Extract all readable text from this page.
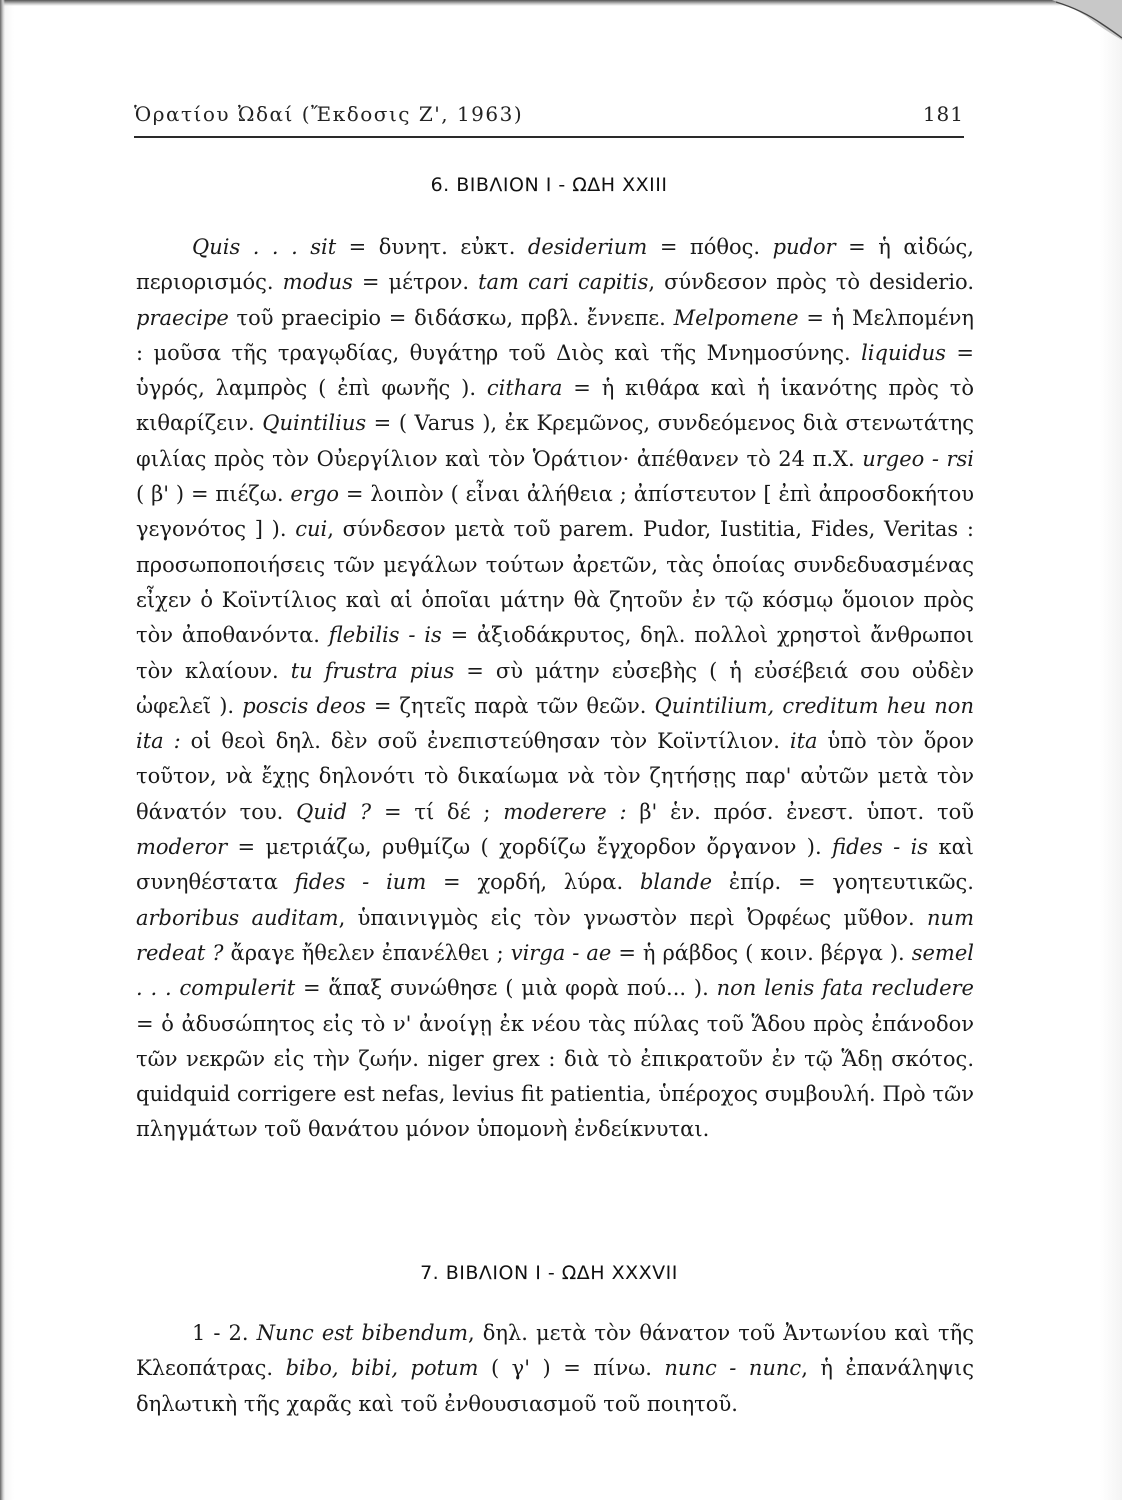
Ὁρατίου Ὠδαί (Ἔκδοσις Ζ', 1963)	181
6. ΒΙΒΛΙΟΝ Ι - ΩΔΗ XXIII

Quis . . . sit = δυνητ. εὐκτ. desiderium = πόθος. pudor = ἡ αἰδώς, περιορισμός. modus = μέτρον. tam cari capitis, σύνδεσον πρὸς τὸ desiderio. praecipe τοῦ praecipio = διδάσκω, πρβλ. ἔννεπε. Melpomene = ἡ Μελπομένη : μοῦσα τῆς τραγῳδίας, θυγάτηρ τοῦ Διὸς καὶ τῆς Μνημοσύνης. liquidus = ὑγρός, λαμπρὸς ( ἐπὶ φωνῆς ). cithara = ἡ κιθάρα καὶ ἡ ἱκανότης πρὸς τὸ κιθαρίζειν. Quintilius = ( Varus ), ἐκ Κρεμῶνος, συνδεόμενος διὰ στενωτάτης φιλίας πρὸς τὸν Οὐεργίλιον καὶ τὸν Ὁράτιον· ἀπέθανεν τὸ 24 π.Χ. urgeo - rsi ( β' ) = πιέζω. ergo = λοιπὸν ( εἶναι ἀλήθεια ; ἀπίστευτον [ ἐπὶ ἀπροσδοκήτου γεγονότος ] ). cui, σύνδεσον μετὰ τοῦ parem. Pudor, Iustitia, Fides, Veritas : προσωποποιήσεις τῶν μεγάλων τούτων ἀρετῶν, τὰς ὁποίας συνδεδυασμένας εἶχεν ὁ Κοϊντίλιος καὶ αἱ ὁποῖαι μάτην θὰ ζητοῦν ἐν τῷ κόσμῳ ὅμοιον πρὸς τὸν ἀποθανόντα. flebilis - is = ἀξιοδάκρυτος, δηλ. πολλοὶ χρηστοὶ ἄνθρωποι τὸν κλαίουν. tu frustra pius = σὺ μάτην εὐσεβὴς ( ἡ εὐσέβειά σου οὐδὲν ὠφελεῖ ). poscis deos = ζητεῖς παρὰ τῶν θεῶν. Quintilium, creditum heu non ita : οἱ θεοὶ δηλ. δὲν σοῦ ἐνεπιστεύθησαν τὸν Κοϊντίλιον. ita ὑπὸ τὸν ὅρον τοῦτον, νὰ ἔχῃς δηλονότι τὸ δικαίωμα νὰ τὸν ζητήσῃς παρ' αὐτῶν μετὰ τὸν θάνατόν του. Quid ? = τί δέ ; moderere : β' ἑν. πρόσ. ἐνεστ. ὑποτ. τοῦ moderor = μετριάζω, ρυθμίζω ( χορδίζω ἔγχορδον ὄργανον ). fides - is καὶ συνηθέστατα fides - ium = χορδή, λύρα. blande ἐπίρ. = γοητευτικῶς. arboribus auditam, ὑπαινιγμὸς εἰς τὸν γνωστὸν περὶ Ὀρφέως μῦθον. num redeat ? ἄραγε ἤθελεν ἐπανέλθει ; virga - ae = ἡ ράβδος ( κοιν. βέργα ). semel . . . compulerit = ἅπαξ συνώθησε ( μιὰ φορὰ πού... ). non lenis fata recludere = ὁ ἀδυσώπητος εἰς τὸ ν' ἀνοίγῃ ἐκ νέου τὰς πύλας τοῦ Ἅδου πρὸς ἐπάνοδον τῶν νεκρῶν εἰς τὴν ζωήν. niger grex : διὰ τὸ ἐπικρατοῦν ἐν τῷ Ἅδῃ σκότος. quidquid corrigere est nefas, levius fit patientia, ὑπέροχος συμβουλή. Πρὸ τῶν πληγμάτων τοῦ θανάτου μόνον ὑπομονὴ ἐνδείκνυται.

7. ΒΙΒΛΙΟΝ Ι - ΩΔΗ XXXVII

1 - 2. Nunc est bibendum, δηλ. μετὰ τὸν θάνατον τοῦ Ἀντωνίου καὶ τῆς Κλεοπάτρας. bibo, bibi, potum ( γ' ) = πίνω. nunc - nunc, ἡ ἐπανάληψις δηλωτικὴ τῆς χαρᾶς καὶ τοῦ ἐνθουσιασμοῦ τοῦ ποιητοῦ.
